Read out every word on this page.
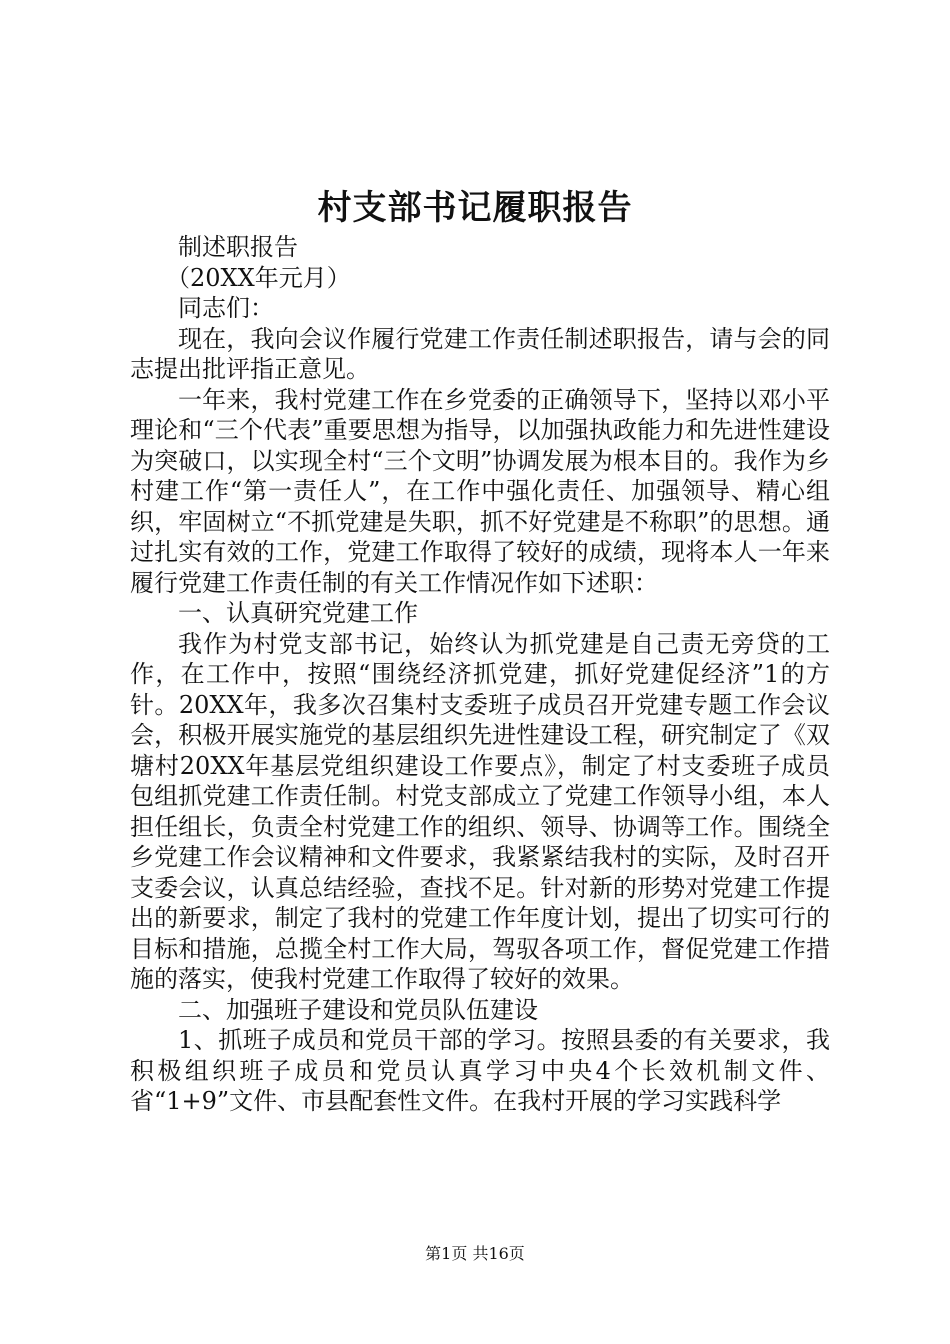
村支部书记履职报告

制述职报告

（20XX年元月）

同志们：

现在，我向会议作履行党建工作责任制述职报告，请与会的同志提出批评指正意见。

一年来，我村党建工作在乡党委的正确领导下，坚持以邓小平理论和“三个代表”重要思想为指导，以加强执政能力和先进性建设为突破口，以实现全村“三个文明”协调发展为根本目的。我作为乡村建工作“第一责任人”，在工作中强化责任、加强领导、精心组织，牢固树立“不抓党建是失职，抓不好党建是不称职”的思想。通过扎实有效的工作，党建工作取得了较好的成绩，现将本人一年来履行党建工作责任制的有关工作情况作如下述职：

一、认真研究党建工作

我作为村党支部书记，始终认为抓党建是自己责无旁贷的工作，在工作中，按照“围绕经济抓党建，抓好党建促经济”1的方针。20XX年，我多次召集村支委班子成员召开党建专题工作会议会，积极开展实施党的基层组织先进性建设工程，研究制定了《双塘村20XX年基层党组织建设工作要点》，制定了村支委班子成员包组抓党建工作责任制。村党支部成立了党建工作领导小组，本人担任组长，负责全村党建工作的组织、领导、协调等工作。围绕全乡党建工作会议精神和文件要求，我紧紧结我村的实际，及时召开支委会议，认真总结经验，查找不足。针对新的形势对党建工作提出的新要求，制定了我村的党建工作年度计划，提出了切实可行的目标和措施，总揽全村工作大局，驾驭各项工作，督促党建工作措施的落实，使我村党建工作取得了较好的效果。

二、加强班子建设和党员队伍建设

1、抓班子成员和党员干部的学习。按照县委的有关要求，我积极组织班子成员和党员认真学习中央4个长效机制文件、省“1+9”文件、市县配套性文件。在我村开展的学习实践科学

第1页 共16页
